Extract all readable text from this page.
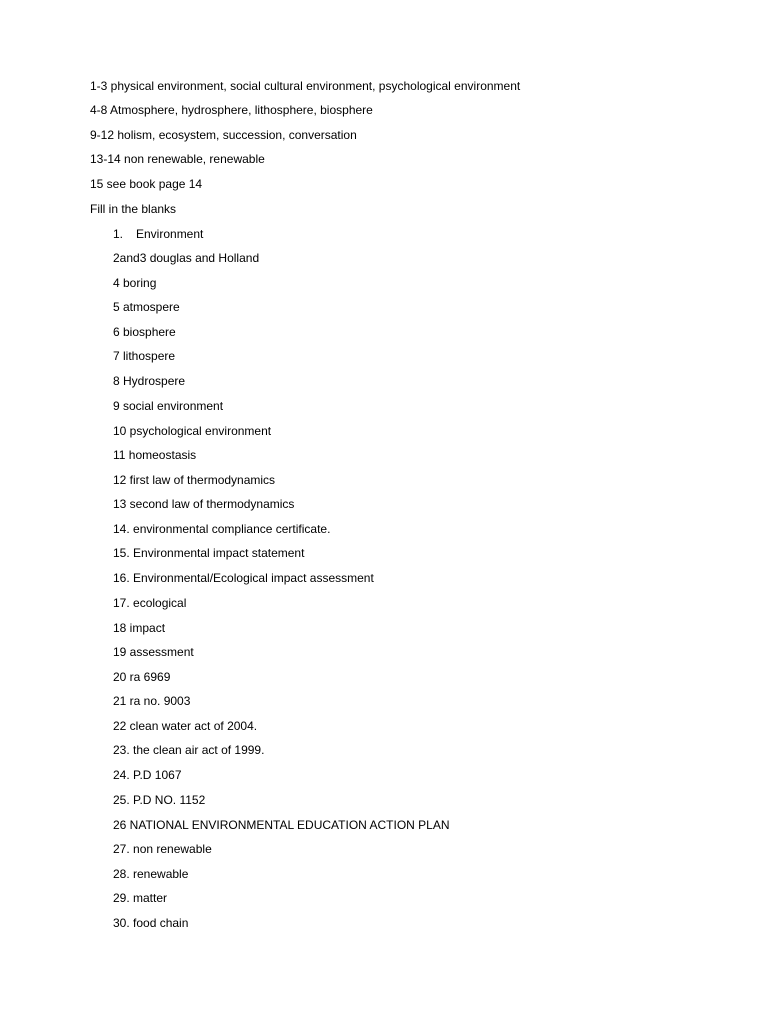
1-3 physical environment, social cultural environment, psychological environment
4-8 Atmosphere, hydrosphere, lithosphere, biosphere
9-12 holism, ecosystem, succession, conversation
13-14 non renewable, renewable
15 see book page 14
Fill in the blanks
1. Environment
2and3 douglas and Holland
4 boring
5 atmospere
6 biosphere
7 lithospere
8 Hydrospere
9 social environment
10 psychological environment
11 homeostasis
12 first law of thermodynamics
13 second law of thermodynamics
14. environmental compliance certificate.
15. Environmental impact statement
16. Environmental/Ecological impact assessment
17. ecological
18 impact
19 assessment
20 ra 6969
21 ra no. 9003
22 clean water act of 2004.
23. the clean air act of 1999.
24. P.D 1067
25. P.D NO. 1152
26 NATIONAL ENVIRONMENTAL EDUCATION ACTION PLAN
27. non renewable
28. renewable
29. matter
30. food chain
